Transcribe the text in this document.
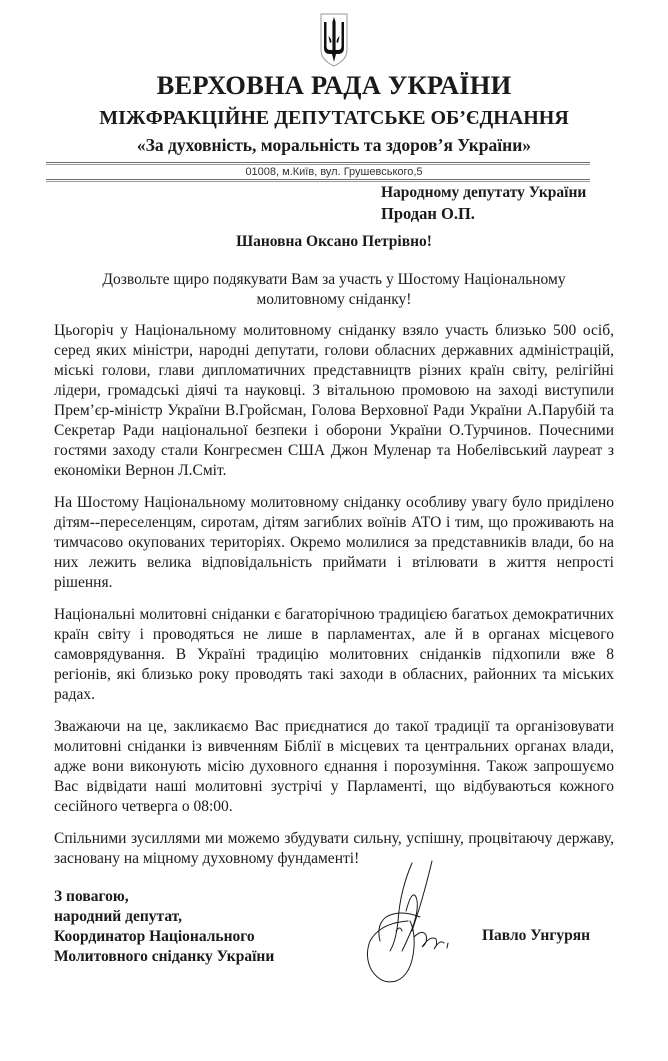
ВЕРХОВНА РАДА УКРАЇНИ
МІЖФРАКЦІЙНЕ ДЕПУТАТСЬКЕ ОБ’ЄДНАННЯ
«За духовність, моральність та здоров’я України»
01008, м.Київ, вул. Грушевського,5
Народному депутату України
Продан О.П.
Шановна Оксано Петрівно!

Дозвольте щиро подякувати Вам за участь у Шостому Національному молитовному сніданку!

Цьогоріч у Національному молитовному сніданку взяло участь близько 500 осіб, серед яких міністри, народні депутати, голови обласних державних адміністрацій, міські голови, глави дипломатичних представництв різних країн світу, релігійні лідери, громадські діячі та науковці. З вітальною промовою на заході виступили Прем’єр-міністр України В.Гройсман, Голова Верховної Ради України А.Парубій та Секретар Ради національної безпеки і оборони України О.Турчинов. Почесними гостями заходу стали Конгресмен США Джон Муленар та Нобелівський лауреат з економіки Вернон Л.Сміт.

На Шостому Національному молитовному сніданку особливу увагу було приділено дітям--переселенцям, сиротам, дітям загиблих воїнів АТО і тим, що проживають на тимчасово окупованих територіях. Окремо молилися за представників влади, бо на них лежить велика відповідальність приймати і втілювати в життя непрості рішення.

Національні молитовні сніданки є багаторічною традицією багатьох демократичних країн світу і проводяться не лише в парламентах, але й в органах місцевого самоврядування. В Україні традицію молитовних сніданків підхопили вже 8 регіонів, які близько року проводять такі заходи в обласних, районних та міських радах.

Зважаючи на це, закликаємо Вас приєднатися до такої традиції та організовувати молитовні сніданки із вивченням Біблії в місцевих та центральних органах влади, адже вони виконують місію духовного єднання і порозуміння. Також запрошуємо Вас відвідати наші молитовні зустрічі у Парламенті, що відбуваються кожного сесійного четверга о 08:00.

Спільними зусиллями ми можемо збудувати сильну, успішну, процвітаючу державу, засновану на міцному духовному фундаменті!

З повагою,
народний депутат,
Координатор Національного
Молитовного сніданку України
Павло Унгурян
